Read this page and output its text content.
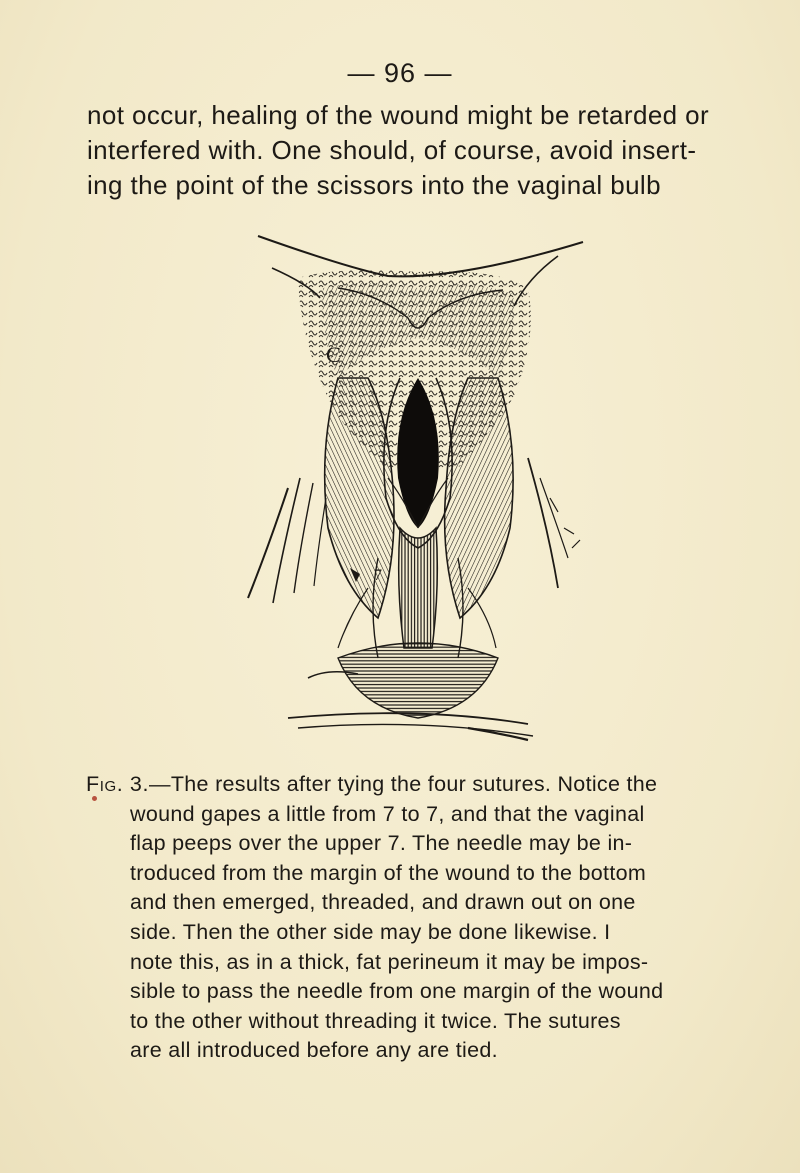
— 96 —
not occur, healing of the wound might be retarded or
interfered with. One should, of course, avoid insert-
ing the point of the scissors into the vaginal bulb
C
7
Fig. 3.—The results after tying the four sutures. Notice the
wound gapes a little from 7 to 7, and that the vaginal
flap peeps over the upper 7. The needle may be in-
troduced from the margin of the wound to the bottom
and then emerged, threaded, and drawn out on one
side. Then the other side may be done likewise. I
note this, as in a thick, fat perineum it may be impos-
sible to pass the needle from one margin of the wound
to the other without threading it twice. The sutures
are all introduced before any are tied.
